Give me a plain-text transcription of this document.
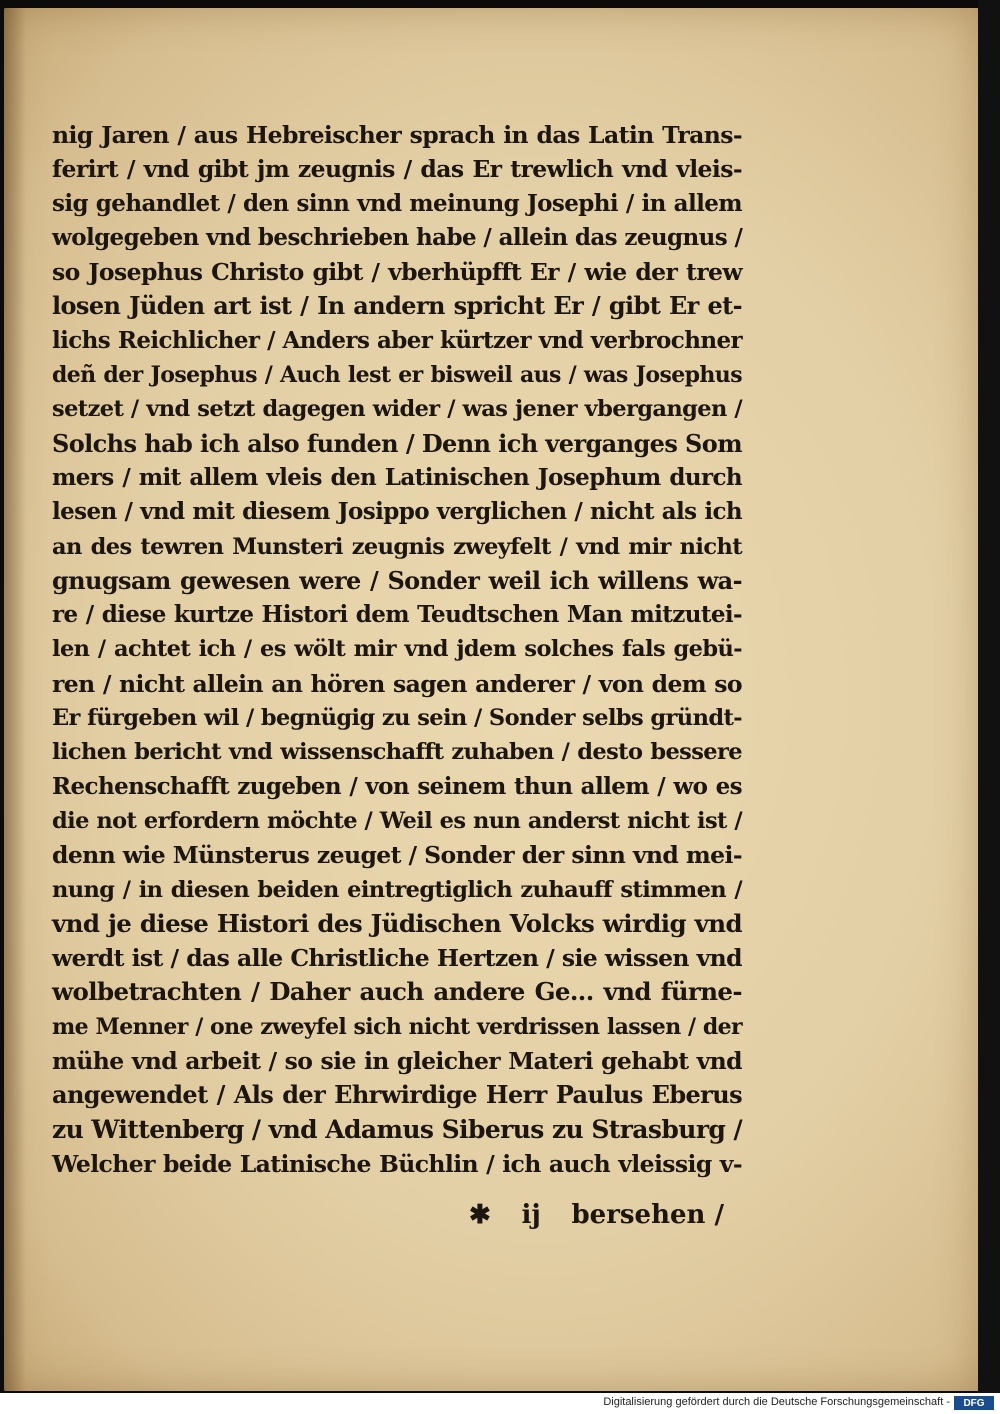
nig Jaren / aus Hebreischer sprach in das Latin Trans-
ferirt / vnd gibt jm zeugnis / das Er trewlich vnd vleis-
sig gehandlet / den sinn vnd meinung Josephi / in allem
wolgegeben vnd beschrieben habe / allein das zeugnus /
so Josephus Christo gibt / vberhüpfft Er / wie der trew
losen Jüden art ist / In andern spricht Er / gibt Er et-
lichs Reichlicher / Anders aber kürtzer vnd verbrochner
deñ der Josephus / Auch lest er bisweil aus / was Josephus
setzet / vnd setzt dagegen wider / was jener vbergangen /
Solchs hab ich also funden / Denn ich verganges Som
mers / mit allem vleis den Latinischen Josephum durch
lesen / vnd mit diesem Josippo verglichen / nicht als ich
an des tewren Munsteri zeugnis zweyfelt / vnd mir nicht
gnugsam gewesen were / Sonder weil ich willens wa-
re / diese kurtze Histori dem Teudtschen Man mitzutei-
len / achtet ich / es wölt mir vnd jdem solches fals gebü-
ren / nicht allein an hören sagen anderer / von dem so
Er fürgeben wil / begnügig zu sein / Sonder selbs gründt-
lichen bericht vnd wissenschafft zuhaben / desto bessere
Rechenschafft zugeben / von seinem thun allem / wo es
die not erfordern möchte / Weil es nun anderst nicht ist /
denn wie Münsterus zeuget / Sonder der sinn vnd mei-
nung / in diesen beiden eintregtiglich zuhauff stimmen /
vnd je diese Histori des Jüdischen Volcks wirdig vnd
werdt ist / das alle Christliche Hertzen / sie wissen vnd
wolbetrachten / Daher auch andere Ge... vnd fürne-
me Menner / one zweyfel sich nicht verdrissen lassen / der
mühe vnd arbeit / so sie in gleicher Materi gehabt vnd
angewendet / Als der Ehrwirdige Herr Paulus Eberus
zu Wittenberg / vnd Adamus Siberus zu Strasburg /
Welcher beide Latinische Büchlin / ich auch vleissig v-
✱ ij bersehen /
Digitalisierung gefördert durch die Deutsche Forschungsgemeinschaft -	DFG
